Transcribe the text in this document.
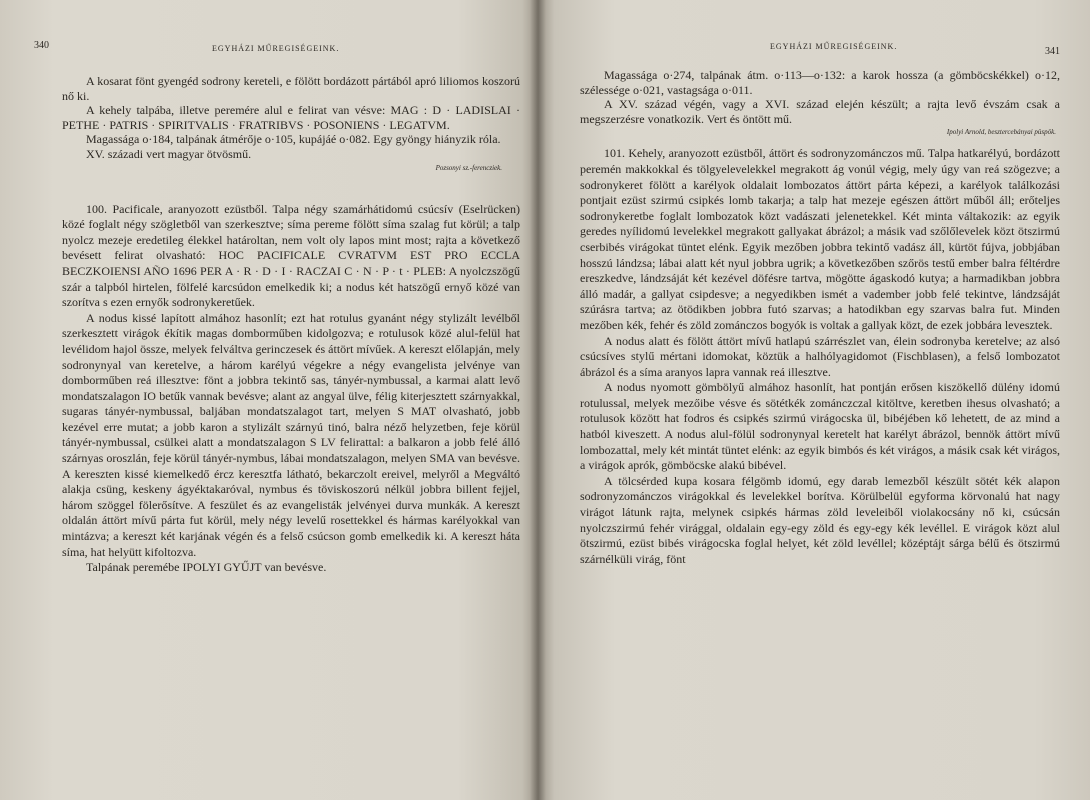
340	EGYHÁZI MŰREGISÉGEINK.

A kosarat fönt gyengéd sodrony kereteli, e fölött bordázott pártából apró liliomos koszorú nő ki.

A kehely talpába, illetve peremére alul e felirat van vésve: MAG : D · LADISLAI · PETHE · PATRIS · SPIRITVALIS · FRATRIBVS · POSONIENS · LEGATVM.

Magassága o·184, talpának átmérője o·105, kupájáé o·082. Egy gyöngy hiányzik róla.

XV. századi vert magyar ötvösmű.

Pozsonyi sz.-ferencziek.

100. Pacificale, aranyozott ezüstből. Talpa négy szamárhátidomú csúcsív (Eselrücken) közé foglalt négy szögletből van szerkesztve; síma pereme fölött síma szalag fut körül; a talp nyolcz mezeje eredetileg élekkel határoltan, nem volt oly lapos mint most; rajta a következő bevésett felirat olvasható: HOC PACIFICALE CVRATVM EST PRO ECCLA BECZKOIENSI AÑO 1696 PER A · R · D · I · RACZAI C · N · P · t · PLEB: A nyolczszögű szár a talpból hirtelen, fölfelé karcsúdon emelkedik ki; a nodus két hatszögű ernyő közé van szorítva s ezen ernyők sodronykeretűek.

A nodus kissé lapított almához hasonlít; ezt hat rotulus gyanánt négy stylizált levélből szerkesztett virágok ékítik magas domborműben kidolgozva; e rotulusok közé alul-felül hat levélidom hajol össze, melyek felváltva gerinczesek és áttört mívűek. A kereszt előlapján, mely sodronynyal van keretelve, a három karélyú végekre a négy evangelista jelvénye van domborműben reá illesztve: fönt a jobbra tekintő sas, tányér-nymbussal, a karmai alatt levő mondatszalagon IO betűk vannak bevésve; alant az angyal ülve, félig kiterjesztett szárnyakkal, sugaras tányér-nymbussal, baljában mondatszalagot tart, melyen S MAT olvasható, jobb kezével erre mutat; a jobb karon a stylizált szárnyú tinó, balra néző helyzetben, feje körül tányér-nymbussal, csülkei alatt a mondatszalagon S LV felirattal: a balkaron a jobb felé álló szárnyas oroszlán, feje körül tányér-nymbus, lábai mondatszalagon, melyen SMA van bevésve. A kereszten kissé kiemelkedő ércz keresztfa látható, bekarczolt ereivel, melyről a Megváltó alakja csüng, keskeny ágyéktakaróval, nymbus és töviskoszorú nélkül jobbra billent fejjel, három szöggel fölerősítve. A feszület és az evangelisták jelvényei durva munkák. A kereszt oldalán áttört mívű párta fut körül, mely négy levelű rosettekkel és hármas karélyokkal van mintázva; a kereszt két karjának végén és a felső csúcson gomb emelkedik ki. A kereszt háta síma, hat helyütt kifoltozva.

Talpának peremébe IPOLYI GYŰJT van bevésve.

EGYHÁZI MŰREGISÉGEINK.	341

Magassága o·274, talpának átm. o·113—o·132: a karok hossza (a gömböcskékkel) o·12, szélessége o·021, vastagsága o·011.

A XV. század végén, vagy a XVI. század elején készült; a rajta levő évszám csak a megszerzésre vonatkozik. Vert és öntött mű.

Ipolyi Arnold, besztercebányai püspök.

101. Kehely, aranyozott ezüstből, áttört és sodronyzománczos mű. Talpa hatkarélyú, bordázott peremén makkokkal és tölgyelevelekkel megrakott ág vonúl végig, mely úgy van reá szögezve; a sodronykeret fölött a karélyok oldalait lombozatos áttört párta képezi, a karélyok találkozási pontjait ezüst szirmú csipkés lomb takarja; a talp hat mezeje egészen áttört műből áll; erőteljes sodronykeretbe foglalt lombozatok közt vadászati jelenetekkel. Két minta váltakozik: az egyik geredes nyílidomú levelekkel megrakott gallyakat ábrázol; a másik vad szőlőlevelek közt ötszirmú cserbibés virágokat tüntet elénk. Egyik mezőben jobbra tekintő vadász áll, kürtöt fújva, jobbjában hosszú lándzsa; lábai alatt két nyul jobbra ugrik; a következőben szőrös testű ember balra féltérdre ereszkedve, lándzsáját két kezével döfésre tartva, mögötte ágaskodó kutya; a harmadikban jobbra álló madár, a gallyat csipdesve; a negyedikben ismét a vadember jobb felé tekintve, lándzsáját szúrásra tartva; az ötödikben jobbra futó szarvas; a hatodikban egy szarvas balra fut. Minden mezőben kék, fehér és zöld zománczos bogyók is voltak a gallyak közt, de ezek jobbára levesztek.

A nodus alatt és fölött áttört mívű hatlapú szárrészlet van, élein sodronyba keretelve; az alsó csúcsíves stylű mértani idomokat, köztük a halhólyagidomot (Fischblasen), a felső lombozatot ábrázol és a síma aranyos lapra vannak reá illesztve.

A nodus nyomott gömbölyű almához hasonlít, hat pontján erősen kiszökellő dülény idomú rotulussal, melyek mezőibe vésve és sötétkék zománczczal kitöltve, keretben ihesus olvasható; a rotulusok között hat fodros és csipkés szirmú virágocska ül, bibéjében kő lehetett, de az mind a hatból kiveszett. A nodus alul-fölül sodronynyal keretelt hat karélyt ábrázol, bennök áttört mívű lombozattal, mely két mintát tüntet elénk: az egyik bimbós és két virágos, a másik csak két virágos, a virágok aprók, gömböcske alakú bibével.

A tölcsérded kupa kosara félgömb idomú, egy darab lemezből készült sötét kék alapon sodronyzománczos virágokkal és levelekkel borítva. Körülbelül egyforma körvonalú hat nagy virágot látunk rajta, melynek csipkés hármas zöld leveleiből violakocsány nő ki, csúcsán nyolczszirmú fehér virággal, oldalain egy-egy zöld és egy-egy kék levéllel. E virágok közt alul ötszirmú, ezüst bibés virágocska foglal helyet, két zöld levéllel; középtájt sárga bélű és ötszirmú szárnélküli virág, fönt
